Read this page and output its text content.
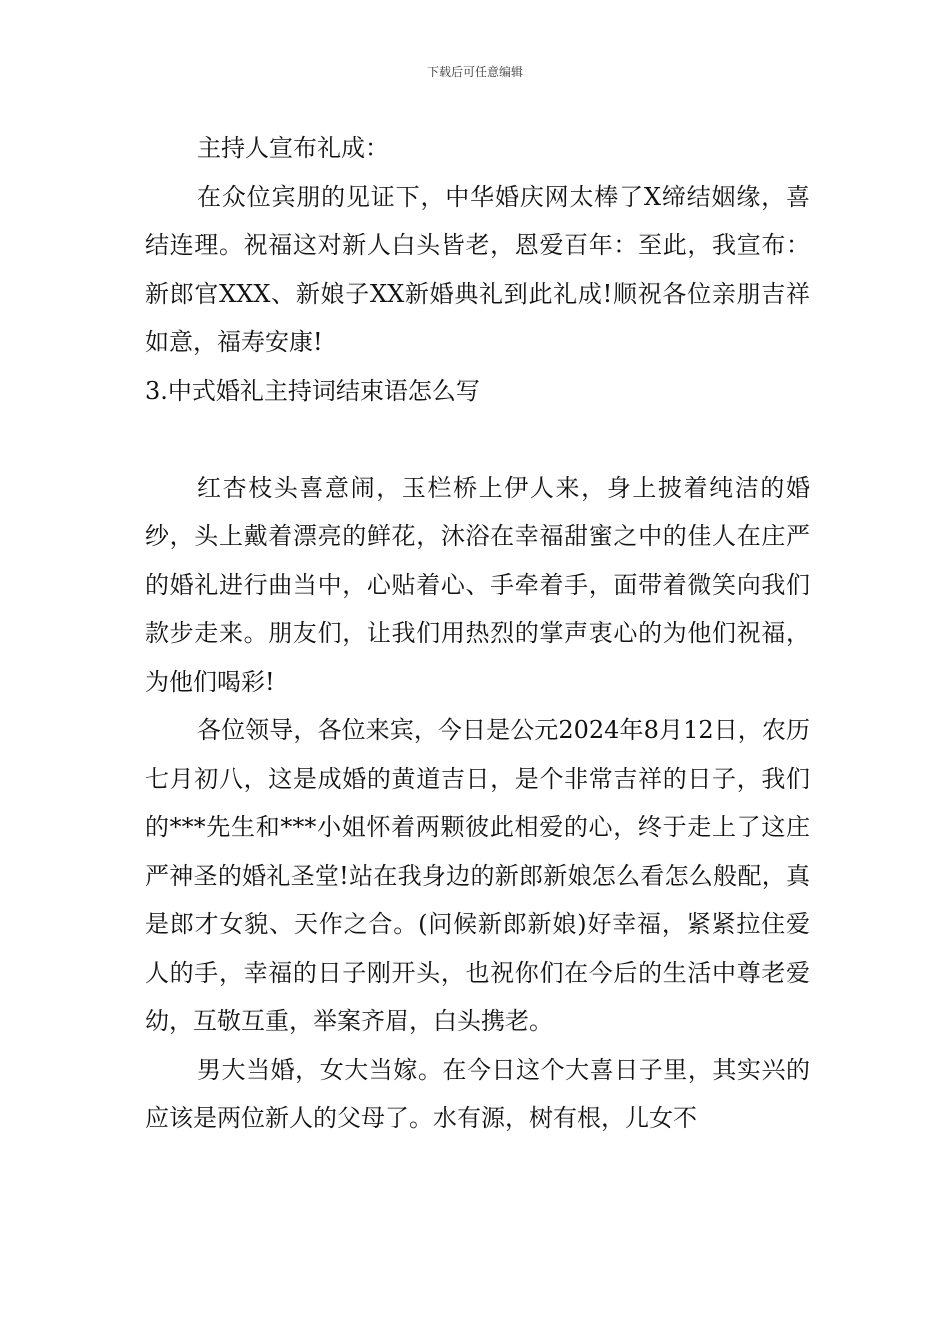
下载后可任意编辑

主持人宣布礼成：

在众位宾朋的见证下，中华婚庆网太棒了X缔结姻缘，喜结连理。祝福这对新人白头皆老，恩爱百年：至此，我宣布：新郎官XXX、新娘子XX新婚典礼到此礼成!顺祝各位亲朋吉祥如意，福寿安康!

3.中式婚礼主持词结束语怎么写

红杏枝头喜意闹，玉栏桥上伊人来，身上披着纯洁的婚纱，头上戴着漂亮的鲜花，沐浴在幸福甜蜜之中的佳人在庄严的婚礼进行曲当中，心贴着心、手牵着手，面带着微笑向我们款步走来。朋友们，让我们用热烈的掌声衷心的为他们祝福，为他们喝彩!

各位领导，各位来宾，今日是公元2024年8月12日，农历七月初八，这是成婚的黄道吉日，是个非常吉祥的日子，我们的***先生和***小姐怀着两颗彼此相爱的心，终于走上了这庄严神圣的婚礼圣堂!站在我身边的新郎新娘怎么看怎么般配，真是郎才女貌、天作之合。(问候新郎新娘)好幸福，紧紧拉住爱人的手，幸福的日子刚开头，也祝你们在今后的生活中尊老爱幼，互敬互重，举案齐眉，白头携老。

男大当婚，女大当嫁。在今日这个大喜日子里，其实兴的应该是两位新人的父母了。水有源，树有根，儿女不
